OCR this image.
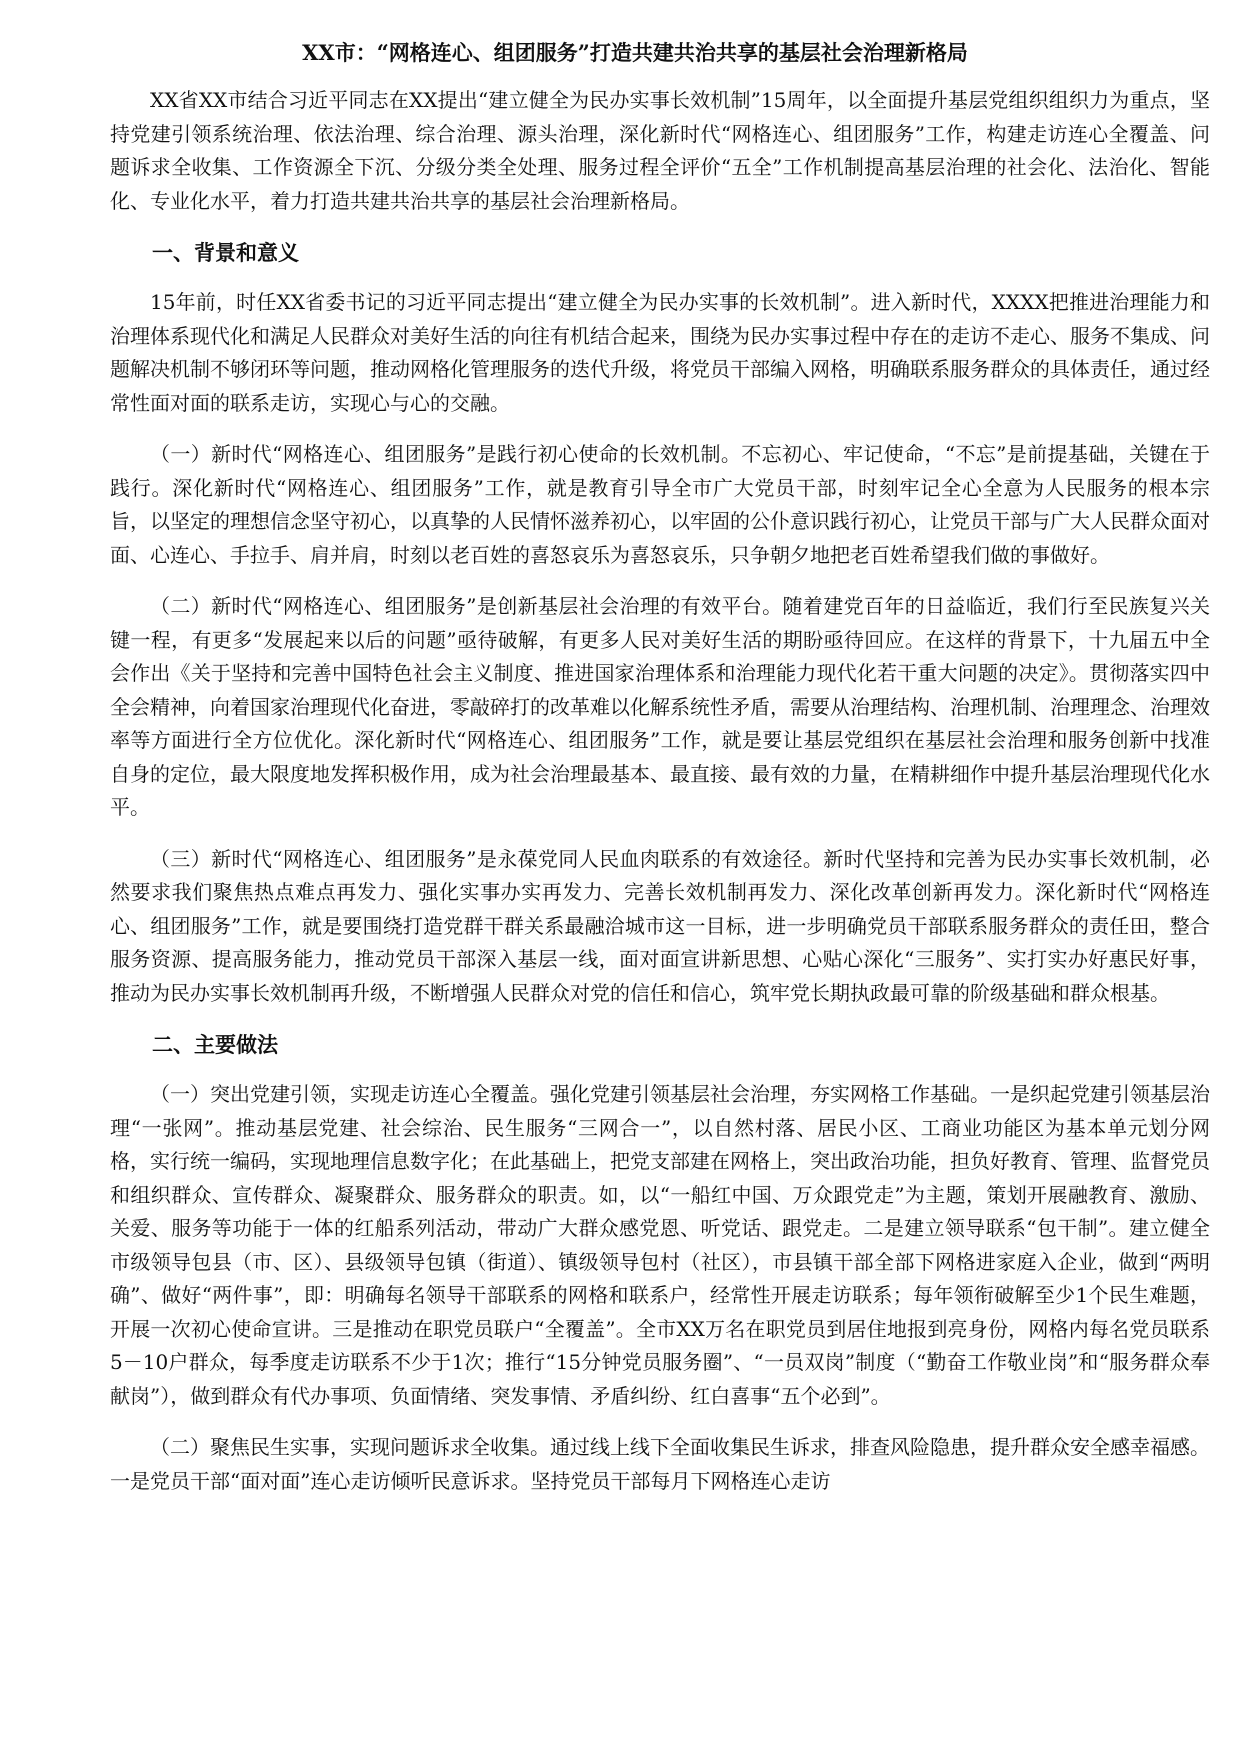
XX市：“网格连心、组团服务”打造共建共治共享的基层社会治理新格局

XX省XX市结合习近平同志在XX提出“建立健全为民办实事长效机制”15周年，以全面提升基层党组织组织力为重点，坚持党建引领系统治理、依法治理、综合治理、源头治理，深化新时代“网格连心、组团服务”工作，构建走访连心全覆盖、问题诉求全收集、工作资源全下沉、分级分类全处理、服务过程全评价“五全”工作机制提高基层治理的社会化、法治化、智能化、专业化水平，着力打造共建共治共享的基层社会治理新格局。

一、背景和意义

15年前，时任XX省委书记的习近平同志提出“建立健全为民办实事的长效机制”。进入新时代，XXXX把推进治理能力和治理体系现代化和满足人民群众对美好生活的向往有机结合起来，围绕为民办实事过程中存在的走访不走心、服务不集成、问题解决机制不够闭环等问题，推动网格化管理服务的迭代升级，将党员干部编入网格，明确联系服务群众的具体责任，通过经常性面对面的联系走访，实现心与心的交融。

（一）新时代“网格连心、组团服务”是践行初心使命的长效机制。不忘初心、牢记使命，“不忘”是前提基础，关键在于践行。深化新时代“网格连心、组团服务”工作，就是教育引导全市广大党员干部，时刻牢记全心全意为人民服务的根本宗旨，以坚定的理想信念坚守初心，以真挚的人民情怀滋养初心，以牢固的公仆意识践行初心，让党员干部与广大人民群众面对面、心连心、手拉手、肩并肩，时刻以老百姓的喜怒哀乐为喜怒哀乐，只争朝夕地把老百姓希望我们做的事做好。

（二）新时代“网格连心、组团服务”是创新基层社会治理的有效平台。随着建党百年的日益临近，我们行至民族复兴关键一程，有更多“发展起来以后的问题”亟待破解，有更多人民对美好生活的期盼亟待回应。在这样的背景下，十九届五中全会作出《关于坚持和完善中国特色社会主义制度、推进国家治理体系和治理能力现代化若干重大问题的决定》。贯彻落实四中全会精神，向着国家治理现代化奋进，零敲碎打的改革难以化解系统性矛盾，需要从治理结构、治理机制、治理理念、治理效率等方面进行全方位优化。深化新时代“网格连心、组团服务”工作，就是要让基层党组织在基层社会治理和服务创新中找准自身的定位，最大限度地发挥积极作用，成为社会治理最基本、最直接、最有效的力量，在精耕细作中提升基层治理现代化水平。

（三）新时代“网格连心、组团服务”是永葆党同人民血肉联系的有效途径。新时代坚持和完善为民办实事长效机制，必然要求我们聚焦热点难点再发力、强化实事办实再发力、完善长效机制再发力、深化改革创新再发力。深化新时代“网格连心、组团服务”工作，就是要围绕打造党群干群关系最融洽城市这一目标，进一步明确党员干部联系服务群众的责任田，整合服务资源、提高服务能力，推动党员干部深入基层一线，面对面宣讲新思想、心贴心深化“三服务”、实打实办好惠民好事，推动为民办实事长效机制再升级，不断增强人民群众对党的信任和信心，筑牢党长期执政最可靠的阶级基础和群众根基。

二、主要做法

（一）突出党建引领，实现走访连心全覆盖。强化党建引领基层社会治理，夯实网格工作基础。一是织起党建引领基层治理“一张网”。推动基层党建、社会综治、民生服务“三网合一”，以自然村落、居民小区、工商业功能区为基本单元划分网格，实行统一编码，实现地理信息数字化；在此基础上，把党支部建在网格上，突出政治功能，担负好教育、管理、监督党员和组织群众、宣传群众、凝聚群众、服务群众的职责。如，以“一船红中国、万众跟党走”为主题，策划开展融教育、激励、关爱、服务等功能于一体的红船系列活动，带动广大群众感党恩、听党话、跟党走。二是建立领导联系“包干制”。建立健全市级领导包县（市、区）、县级领导包镇（街道）、镇级领导包村（社区），市县镇干部全部下网格进家庭入企业，做到“两明确”、做好“两件事”，即：明确每名领导干部联系的网格和联系户，经常性开展走访联系；每年领衔破解至少1个民生难题，开展一次初心使命宣讲。三是推动在职党员联户“全覆盖”。全市XX万名在职党员到居住地报到亮身份，网格内每名党员联系5－10户群众，每季度走访联系不少于1次；推行“15分钟党员服务圈”、“一员双岗”制度（“勤奋工作敬业岗”和“服务群众奉献岗”），做到群众有代办事项、负面情绪、突发事情、矛盾纠纷、红白喜事“五个必到”。

（二）聚焦民生实事，实现问题诉求全收集。通过线上线下全面收集民生诉求，排查风险隐患，提升群众安全感幸福感。一是党员干部“面对面”连心走访倾听民意诉求。坚持党员干部每月下网格连心走访
